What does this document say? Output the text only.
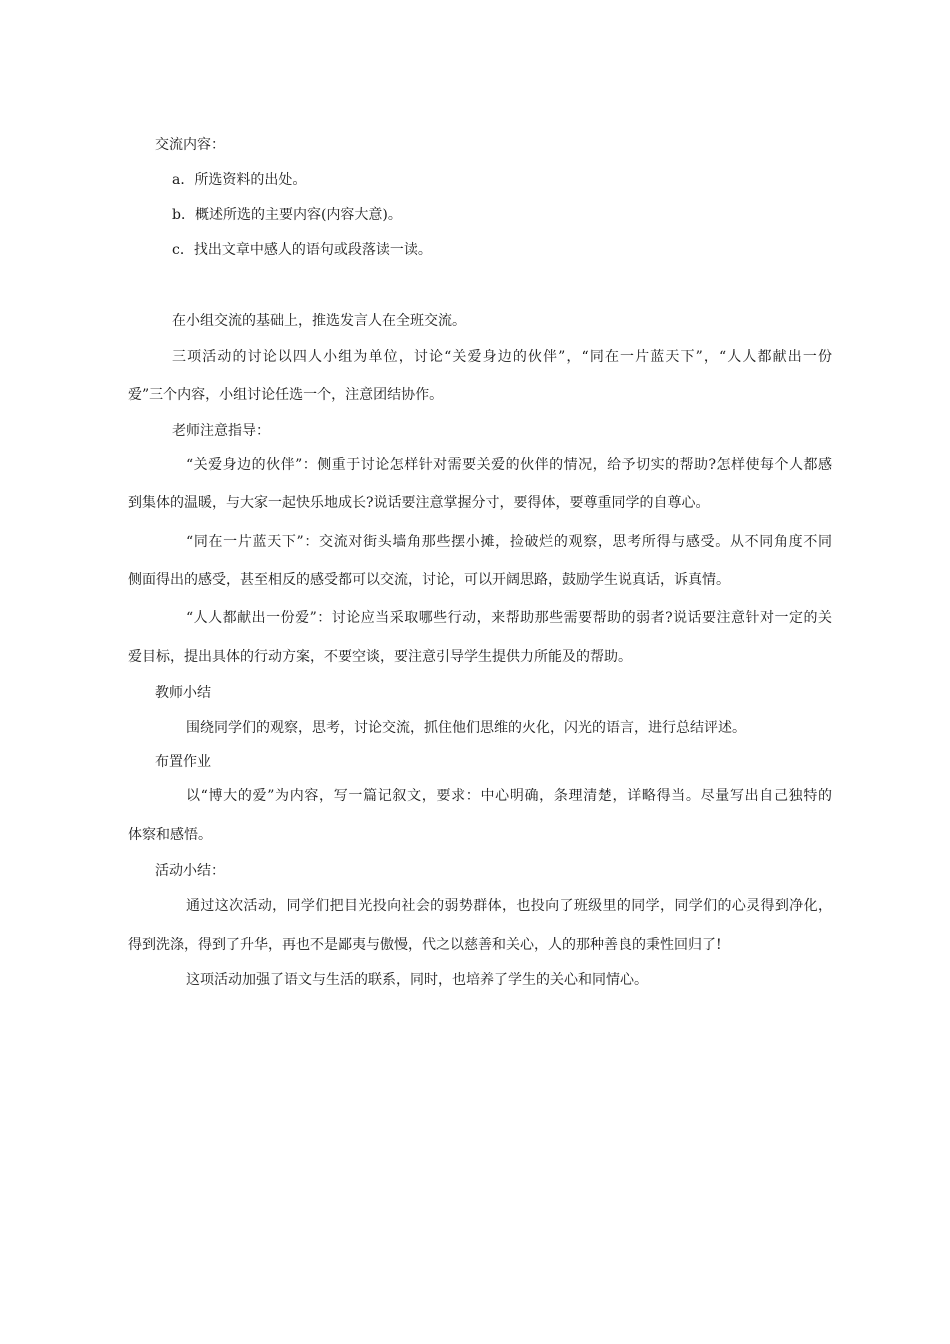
交流内容：

a．所选资料的出处。

b．概述所选的主要内容(内容大意)。

c．找出文章中感人的语句或段落读一读。

在小组交流的基础上，推选发言人在全班交流。

三项活动的讨论以四人小组为单位，讨论“关爱身边的伙伴”，“同在一片蓝天下”，“人人都献出一份

爱”三个内容，小组讨论任选一个，注意团结协作。

老师注意指导：

“关爱身边的伙伴”：侧重于讨论怎样针对需要关爱的伙伴的情况，给予切实的帮助?怎样使每个人都感

到集体的温暖，与大家一起快乐地成长?说话要注意掌握分寸，要得体，要尊重同学的自尊心。

“同在一片蓝天下”：交流对街头墙角那些摆小摊，捡破烂的观察，思考所得与感受。从不同角度不同

侧面得出的感受，甚至相反的感受都可以交流，讨论，可以开阔思路，鼓励学生说真话，诉真情。

“人人都献出一份爱”：讨论应当采取哪些行动，来帮助那些需要帮助的弱者?说话要注意针对一定的关

爱目标，提出具体的行动方案，不要空谈，要注意引导学生提供力所能及的帮助。

教师小结

围绕同学们的观察，思考，讨论交流，抓住他们思维的火化，闪光的语言，进行总结评述。

布置作业

以“博大的爱”为内容，写一篇记叙文，要求：中心明确，条理清楚，详略得当。尽量写出自己独特的

体察和感悟。

活动小结：

通过这次活动，同学们把目光投向社会的弱势群体，也投向了班级里的同学，同学们的心灵得到净化，

得到洗涤，得到了升华，再也不是鄙夷与傲慢，代之以慈善和关心，人的那种善良的秉性回归了!

这项活动加强了语文与生活的联系，同时，也培养了学生的关心和同情心。
